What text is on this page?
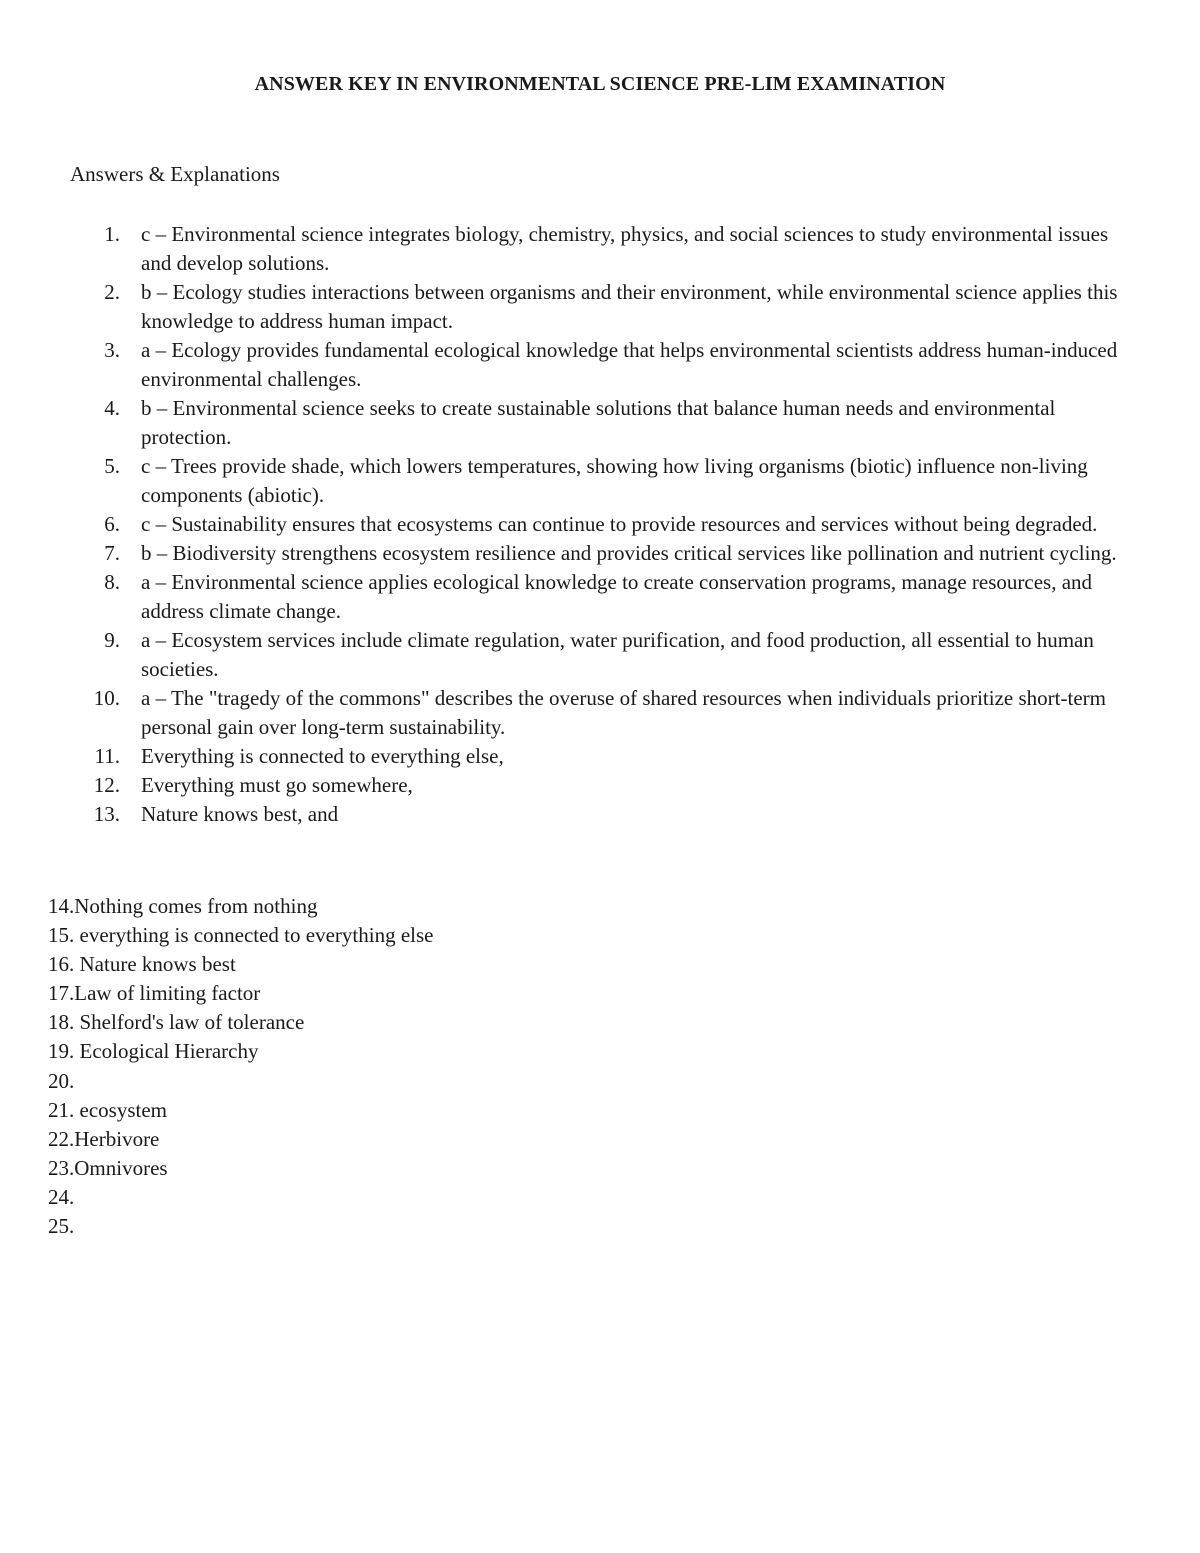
ANSWER KEY IN ENVIRONMENTAL SCIENCE PRE-LIM EXAMINATION
Answers & Explanations
1. c – Environmental science integrates biology, chemistry, physics, and social sciences to study environmental issues and develop solutions.
2. b – Ecology studies interactions between organisms and their environment, while environmental science applies this knowledge to address human impact.
3. a – Ecology provides fundamental ecological knowledge that helps environmental scientists address human-induced environmental challenges.
4. b – Environmental science seeks to create sustainable solutions that balance human needs and environmental protection.
5. c – Trees provide shade, which lowers temperatures, showing how living organisms (biotic) influence non-living components (abiotic).
6. c – Sustainability ensures that ecosystems can continue to provide resources and services without being degraded.
7. b – Biodiversity strengthens ecosystem resilience and provides critical services like pollination and nutrient cycling.
8. a – Environmental science applies ecological knowledge to create conservation programs, manage resources, and address climate change.
9. a – Ecosystem services include climate regulation, water purification, and food production, all essential to human societies.
10. a – The "tragedy of the commons" describes the overuse of shared resources when individuals prioritize short-term personal gain over long-term sustainability.
11. Everything is connected to everything else,
12. Everything must go somewhere,
13. Nature knows best, and
14.Nothing comes from nothing
15. everything is connected to everything else
16. Nature knows best
17.Law of limiting factor
18. Shelford's law of tolerance
19. Ecological Hierarchy
20.
21. ecosystem
22.Herbivore
23.Omnivores
24.
25.
